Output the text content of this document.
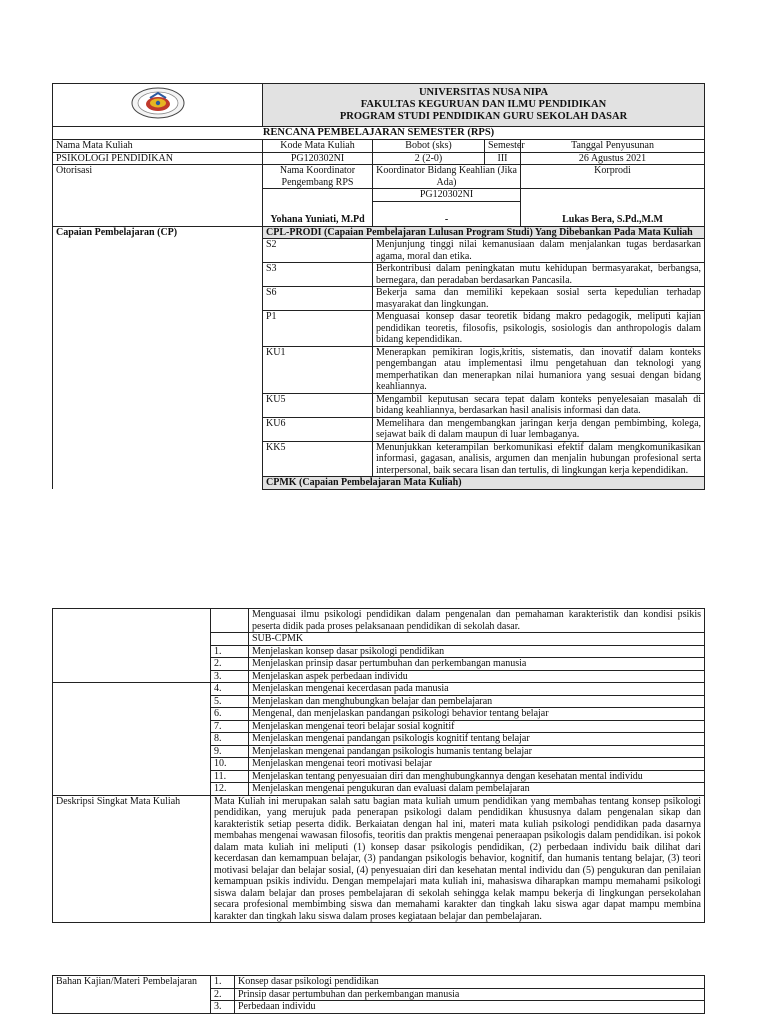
UNIVERSITAS NUSA NIPA
FAKULTAS KEGURUAN DAN ILMU PENDIDIKAN
PROGRAM STUDI PENDIDIKAN GURU SEKOLAH DASAR			

RENCANA PEMBELAJARAN SEMESTER (RPS)				
Nama Mata Kuliah	Kode Mata Kuliah	Bobot (sks)	Semester	Tanggal Penyusunan
PSIKOLOGI PENDIDIKAN	PG120302NI	2 (2-0)	III	26 Agustus 2021
Otorisasi	Nama Koordinator Pengembang RPS	Koordinator Bidang Keahlian (Jika Ada)		Korprodi
	Yohana Yuniati, M.Pd	PG120302NI		Lukas Bera, S.Pd.,M.M
		-		
Capaian Pembelajaran (CP)	CPL-PRODI (Capaian Pembelajaran Lulusan Program Studi) Yang Dibebankan Pada Mata Kuliah			
	S2	Menjunjung tinggi nilai kemanusiaan dalam menjalankan tugas berdasarkan agama, moral dan etika.		
	S3	Berkontribusi dalam peningkatan mutu kehidupan bermasyarakat, berbangsa, bernegara, dan peradaban berdasarkan Pancasila.		
	S6	Bekerja sama dan memiliki kepekaan sosial serta kepedulian terhadap masyarakat dan lingkungan.		
	P1	Menguasai konsep dasar teoretik bidang makro pedagogik, meliputi kajian pendidikan teoretis, filosofis, psikologis, sosiologis dan anthropologis dalam bidang kependidikan.		
	KU1	Menerapkan pemikiran logis,kritis, sistematis, dan inovatif dalam konteks pengembangan atau implementasi ilmu pengetahuan dan teknologi yang memperhatikan dan menerapkan nilai humaniora yang sesuai dengan bidang keahliannya.		
	KU5	Mengambil keputusan secara tepat dalam konteks penyelesaian masalah di bidang keahliannya, berdasarkan hasil analisis informasi dan data.		
	KU6	Memelihara dan mengembangkan jaringan kerja dengan pembimbing, kolega, sejawat baik di dalam maupun di luar lembaganya.		
	KK5	Menunjukkan keterampilan berkomunikasi efektif dalam mengkomunikasikan informasi, gagasan, analisis, argumen dan menjalin hubungan profesional serta interpersonal, baik secara lisan dan tertulis, di lingkungan kerja kependidikan.		
	CPMK (Capaian Pembelajaran Mata Kuliah)			
		Menguasai ilmu psikologi pendidikan dalam pengenalan dan pemahaman karakteristik dan kondisi psikis peserta didik pada proses pelaksanaan pendidikan di sekolah dasar.
		SUB-CPMK
	1.	Menjelaskan konsep dasar psikologi pendidikan
	2.	Menjelaskan prinsip dasar pertumbuhan dan perkembangan manusia
	3.	Menjelaskan aspek perbedaan individu
	4.	Menjelaskan mengenai kecerdasan pada manusia
	5.	Menjelaskan dan menghubungkan belajar dan pembelajaran
	6.	Mengenal, dan menjelaskan pandangan psikologi behavior tentang belajar
	7.	Menjelaskan mengenai teori belajar sosial kognitif
	8.	Menjelaskan mengenai pandangan psikologis kognitif tentang belajar
	9.	Menjelaskan mengenai pandangan psikologis humanis tentang belajar
	10.	Menjelaskan mengenai teori motivasi belajar
	11.	Menjelaskan tentang penyesuaian diri dan menghubungkannya dengan kesehatan mental individu
	12.	Menjelaskan mengenai pengukuran dan evaluasi dalam pembelajaran
Deskripsi Singkat Mata Kuliah	Mata Kuliah ini merupakan salah satu bagian mata kuliah umum pendidikan yang membahas tentang konsep psikologi pendidikan, yang merujuk pada penerapan psikologi dalam pendidikan khususnya dalam pengenalan sikap dan karakteristik setiap peserta didik. Berkaiatan dengan hal ini, materi mata kuliah psikologi pendidikan pada dasarnya membahas mengenai wawasan filosofis, teoritis dan praktis mengenai peneraapan psikologis dalam pendidikan. isi pokok dalam mata kuliah ini meliputi (1) konsep dasar psikologis pendidikan, (2) perbedaan individu baik dilihat dari kecerdasan dan kemampuan belajar, (3) pandangan psikologis behavior, kognitif, dan humanis tentang belajar, (3) teori motivasi belajar dan belajar sosial, (4) penyesuaian diri dan kesehatan mental individu dan (5) pengukuran dan penilaian kemampuan psikis individu. Dengan mempelajari mata kuliah ini, mahasiswa diharapkan mampu memahami psikologi siswa dalam belajar dan proses pembelajaran di sekolah sehingga kelak mampu bekerja di lingkungan persekolahan secara profesional membimbing siswa dan memahami karakter dan tingkah laku siswa agar dapat mampu membina karakter dan tingkah laku siswa dalam proses kegiataan belajar dan pembelajaran.	
Bahan Kajian/Materi Pembelajaran	1.	Konsep dasar psikologi pendidikan
	2.	Prinsip dasar pertumbuhan dan perkembangan manusia
	3.	Perbedaan individu
